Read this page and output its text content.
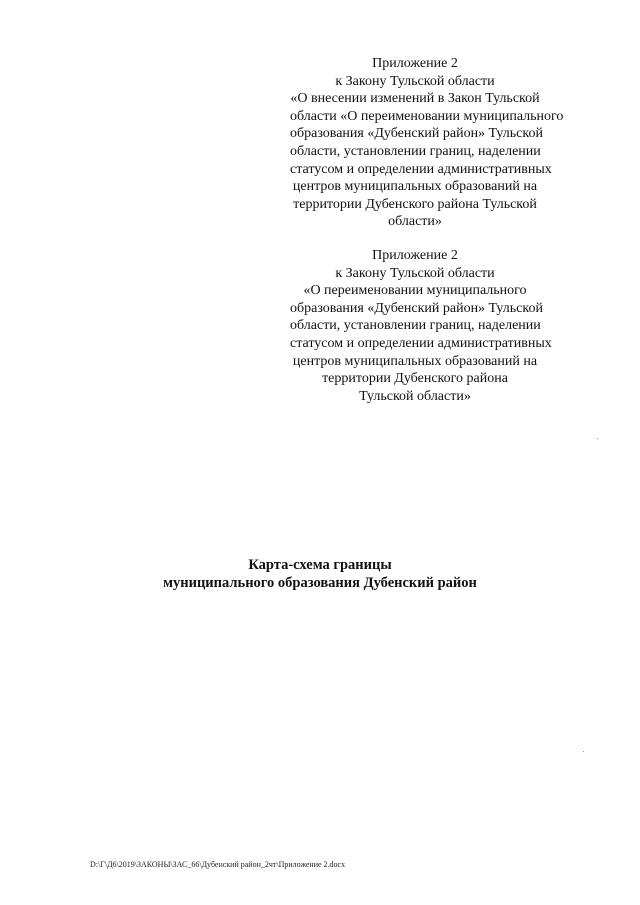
Приложение 2
к Закону Тульской области
«О внесении изменений в Закон Тульской
области «О переименовании муниципального
образования «Дубенский район» Тульской
области, установлении границ, наделении
статусом и определении административных
центров муниципальных образований на
территории Дубенского района Тульской
области»
Приложение 2
к Закону Тульской области
«О переименовании муниципального
образования «Дубенский район» Тульской
области, установлении границ, наделении
статусом и определении административных
центров муниципальных образований на
территории Дубенского района
Тульской области»
Карта-схема границы
муниципального образования Дубенский район
D:\Г\Д6\2019\ЗАКОНЫ\ЗАС_66\Дубенский район_2чт\Приложение 2.docx
